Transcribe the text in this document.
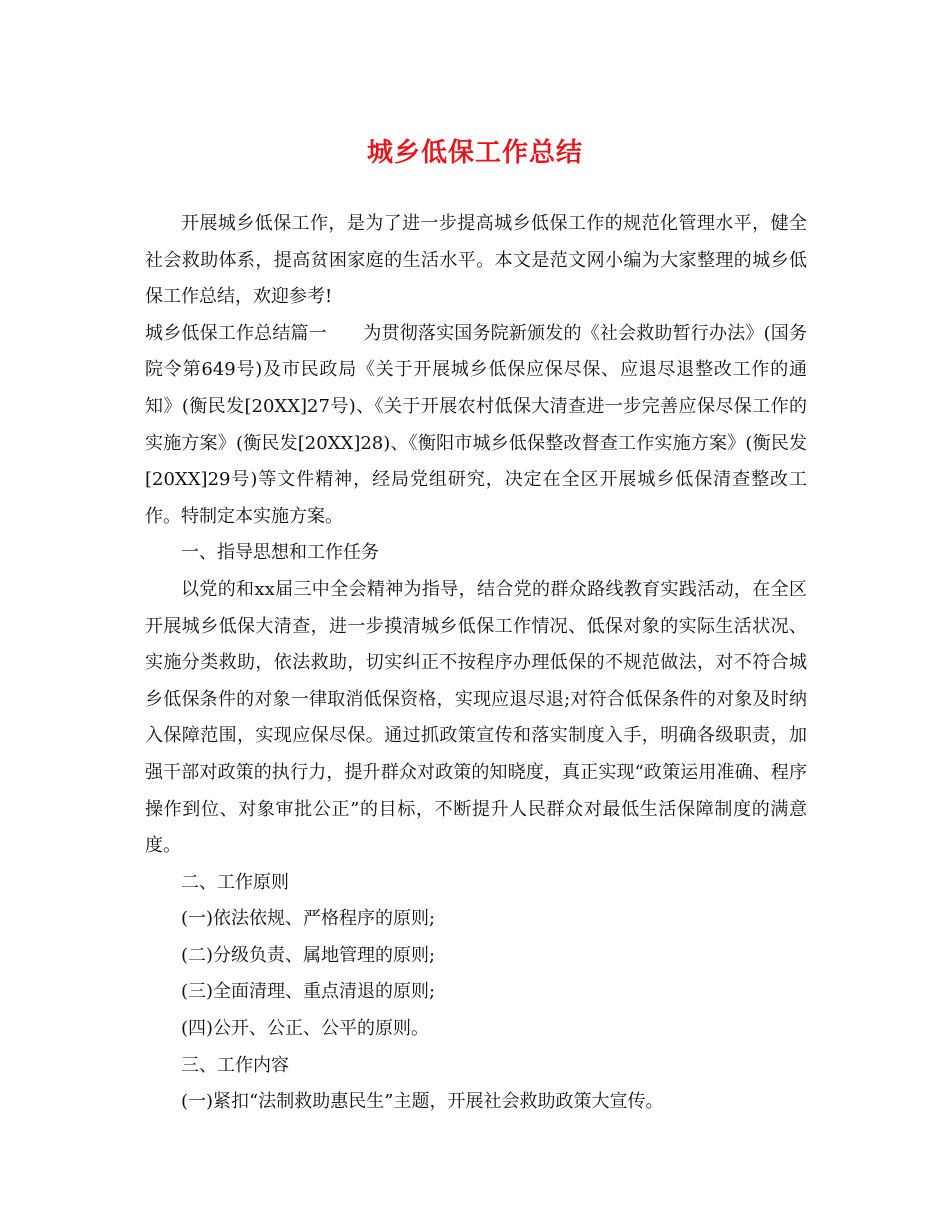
城乡低保工作总结

开展城乡低保工作，是为了进一步提高城乡低保工作的规范化管理水平，健全社会救助体系，提高贫困家庭的生活水平。本文是范文网小编为大家整理的城乡低保工作总结，欢迎参考!

城乡低保工作总结篇一　　为贯彻落实国务院新颁发的《社会救助暂行办法》(国务院令第649号)及市民政局《关于开展城乡低保应保尽保、应退尽退整改工作的通知》(衡民发[20XX]27号)、《关于开展农村低保大清查进一步完善应保尽保工作的实施方案》(衡民发[20XX]28)、《衡阳市城乡低保整改督查工作实施方案》(衡民发[20XX]29号)等文件精神，经局党组研究，决定在全区开展城乡低保清查整改工作。特制定本实施方案。

一、指导思想和工作任务

以党的和xx届三中全会精神为指导，结合党的群众路线教育实践活动，在全区开展城乡低保大清查，进一步摸清城乡低保工作情况、低保对象的实际生活状况、实施分类救助，依法救助，切实纠正不按程序办理低保的不规范做法，对不符合城乡低保条件的对象一律取消低保资格，实现应退尽退;对符合低保条件的对象及时纳入保障范围，实现应保尽保。通过抓政策宣传和落实制度入手，明确各级职责，加强干部对政策的执行力，提升群众对政策的知晓度，真正实现“政策运用准确、程序操作到位、对象审批公正”的目标，不断提升人民群众对最低生活保障制度的满意度。

二、工作原则

(一)依法依规、严格程序的原则;

(二)分级负责、属地管理的原则;

(三)全面清理、重点清退的原则;

(四)公开、公正、公平的原则。

三、工作内容

(一)紧扣“法制救助惠民生”主题，开展社会救助政策大宣传。
